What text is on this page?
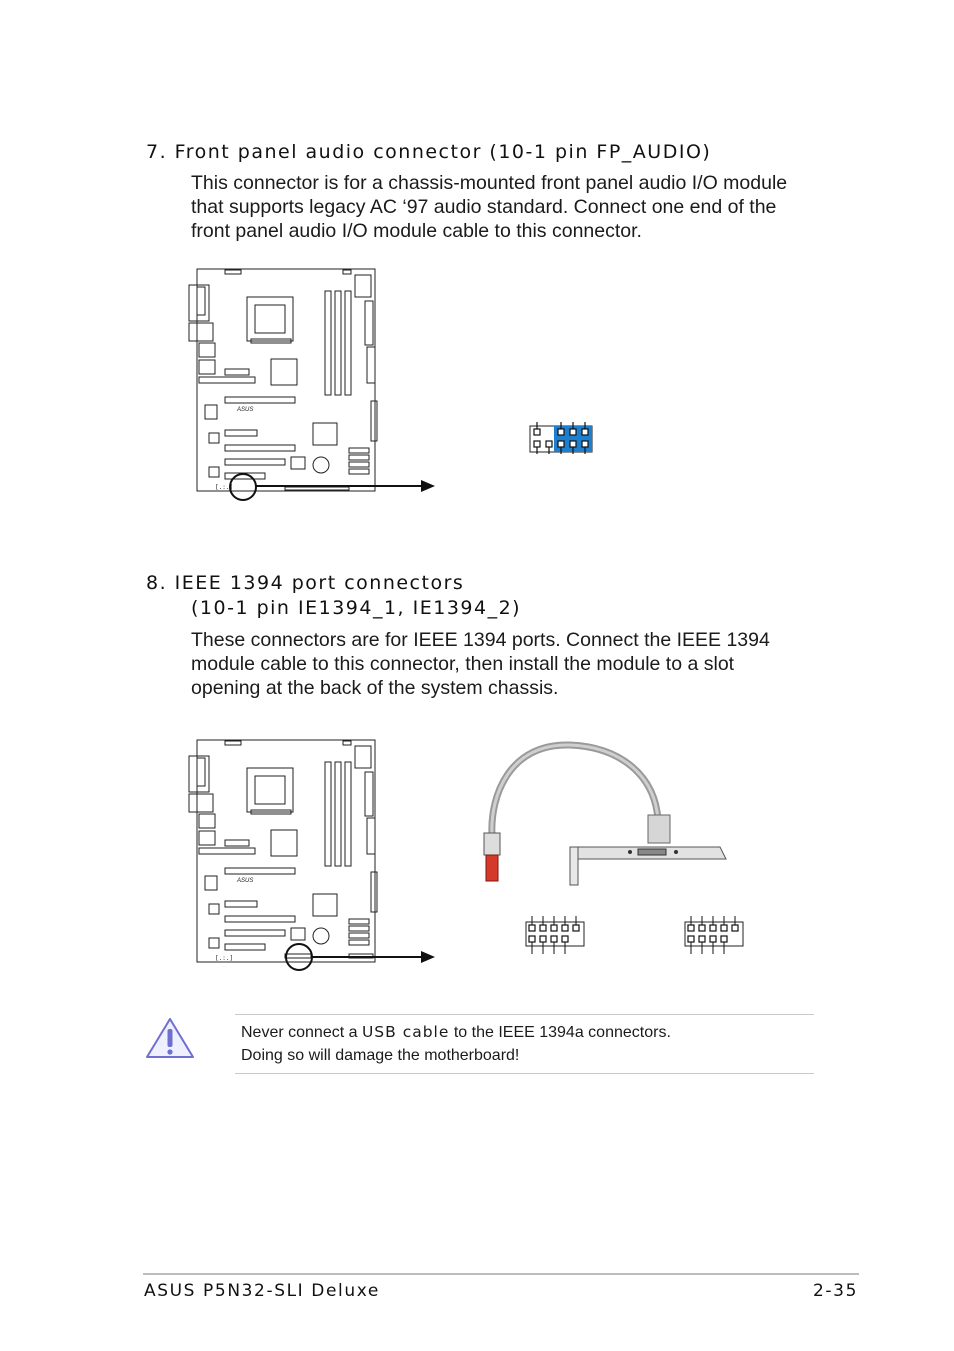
7. Front panel audio connector (10-1 pin FP_AUDIO)
This connector is for a chassis-mounted front panel audio I/O module
that supports legacy AC ‘97 audio standard. Connect one end of the
front panel audio I/O module cable to this connector.
ASUS
[.:.]
8. IEEE 1394 port connectors
(10-1 pin IE1394_1, IE1394_2)
These connectors are for IEEE 1394 ports. Connect the IEEE 1394
module cable to this connector, then install the module to a slot
opening at the back of the system chassis.
ASUS
[.:.]
Never connect a USB cable to the IEEE 1394a connectors.
Doing so will damage the motherboard!
ASUS P5N32-SLI Deluxe	2-35
